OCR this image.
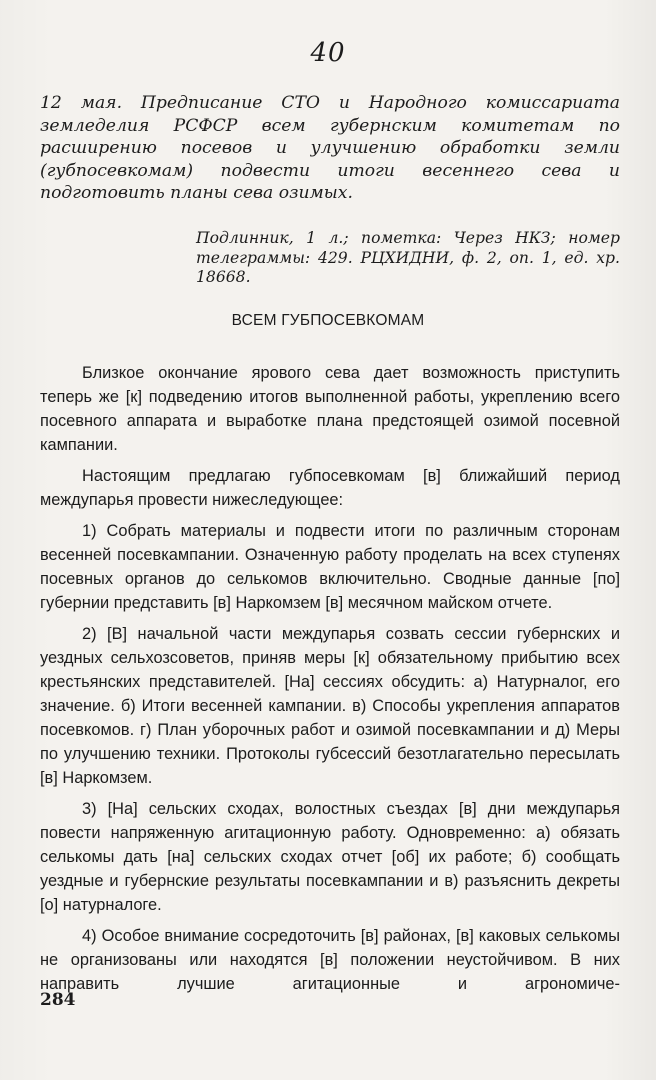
40
12 мая. Предписание СТО и Народного комиссариата земледелия РСФСР всем губернским комитетам по расширению посевов и улучшению обработки земли (губпосевкомам) подвести итоги весеннего сева и подготовить планы сева озимых.
Подлинник, 1 л.; пометка: Через НКЗ; номер телеграммы: 429. РЦХИДНИ, ф. 2, оп. 1, ед. хр. 18668.
ВСЕМ ГУБПОСЕВКОМАМ

Близкое окончание ярового сева дает возможность приступить теперь же [к] подведению итогов выполненной работы, укреплению всего посевного аппарата и выработке плана предстоящей озимой посевной кампании.

Настоящим предлагаю губпосевкомам [в] ближайший период междупарья провести нижеследующее:

1) Собрать материалы и подвести итоги по различным сторонам весенней посевкампании. Означенную работу проделать на всех ступенях посевных органов до селькомов включительно. Сводные данные [по] губернии представить [в] Наркомзем [в] месячном майском отчете.

2) [В] начальной части междупарья созвать сессии губернских и уездных сельхозсоветов, приняв меры [к] обязательному прибытию всех крестьянских представителей. [На] сессиях обсудить: а) Натурналог, его значение. б) Итоги весенней кампании. в) Способы укрепления аппаратов посевкомов. г) План уборочных работ и озимой посевкампании и д) Меры по улучшению техники. Протоколы губсессий безотлагательно пересылать [в] Наркомзем.

3) [На] сельских сходах, волостных съездах [в] дни междупарья повести напряженную агитационную работу. Одновременно: а) обязать селькомы дать [на] сельских сходах отчет [об] их работе; б) сообщать уездные и губернские результаты посевкампании и в) разъяснить декреты [о] натурналоге.

4) Особое внимание сосредоточить [в] районах, [в] каковых селькомы не организованы или находятся [в] положении неустойчивом. В них направить лучшие агитационные и агрономиче-

284
